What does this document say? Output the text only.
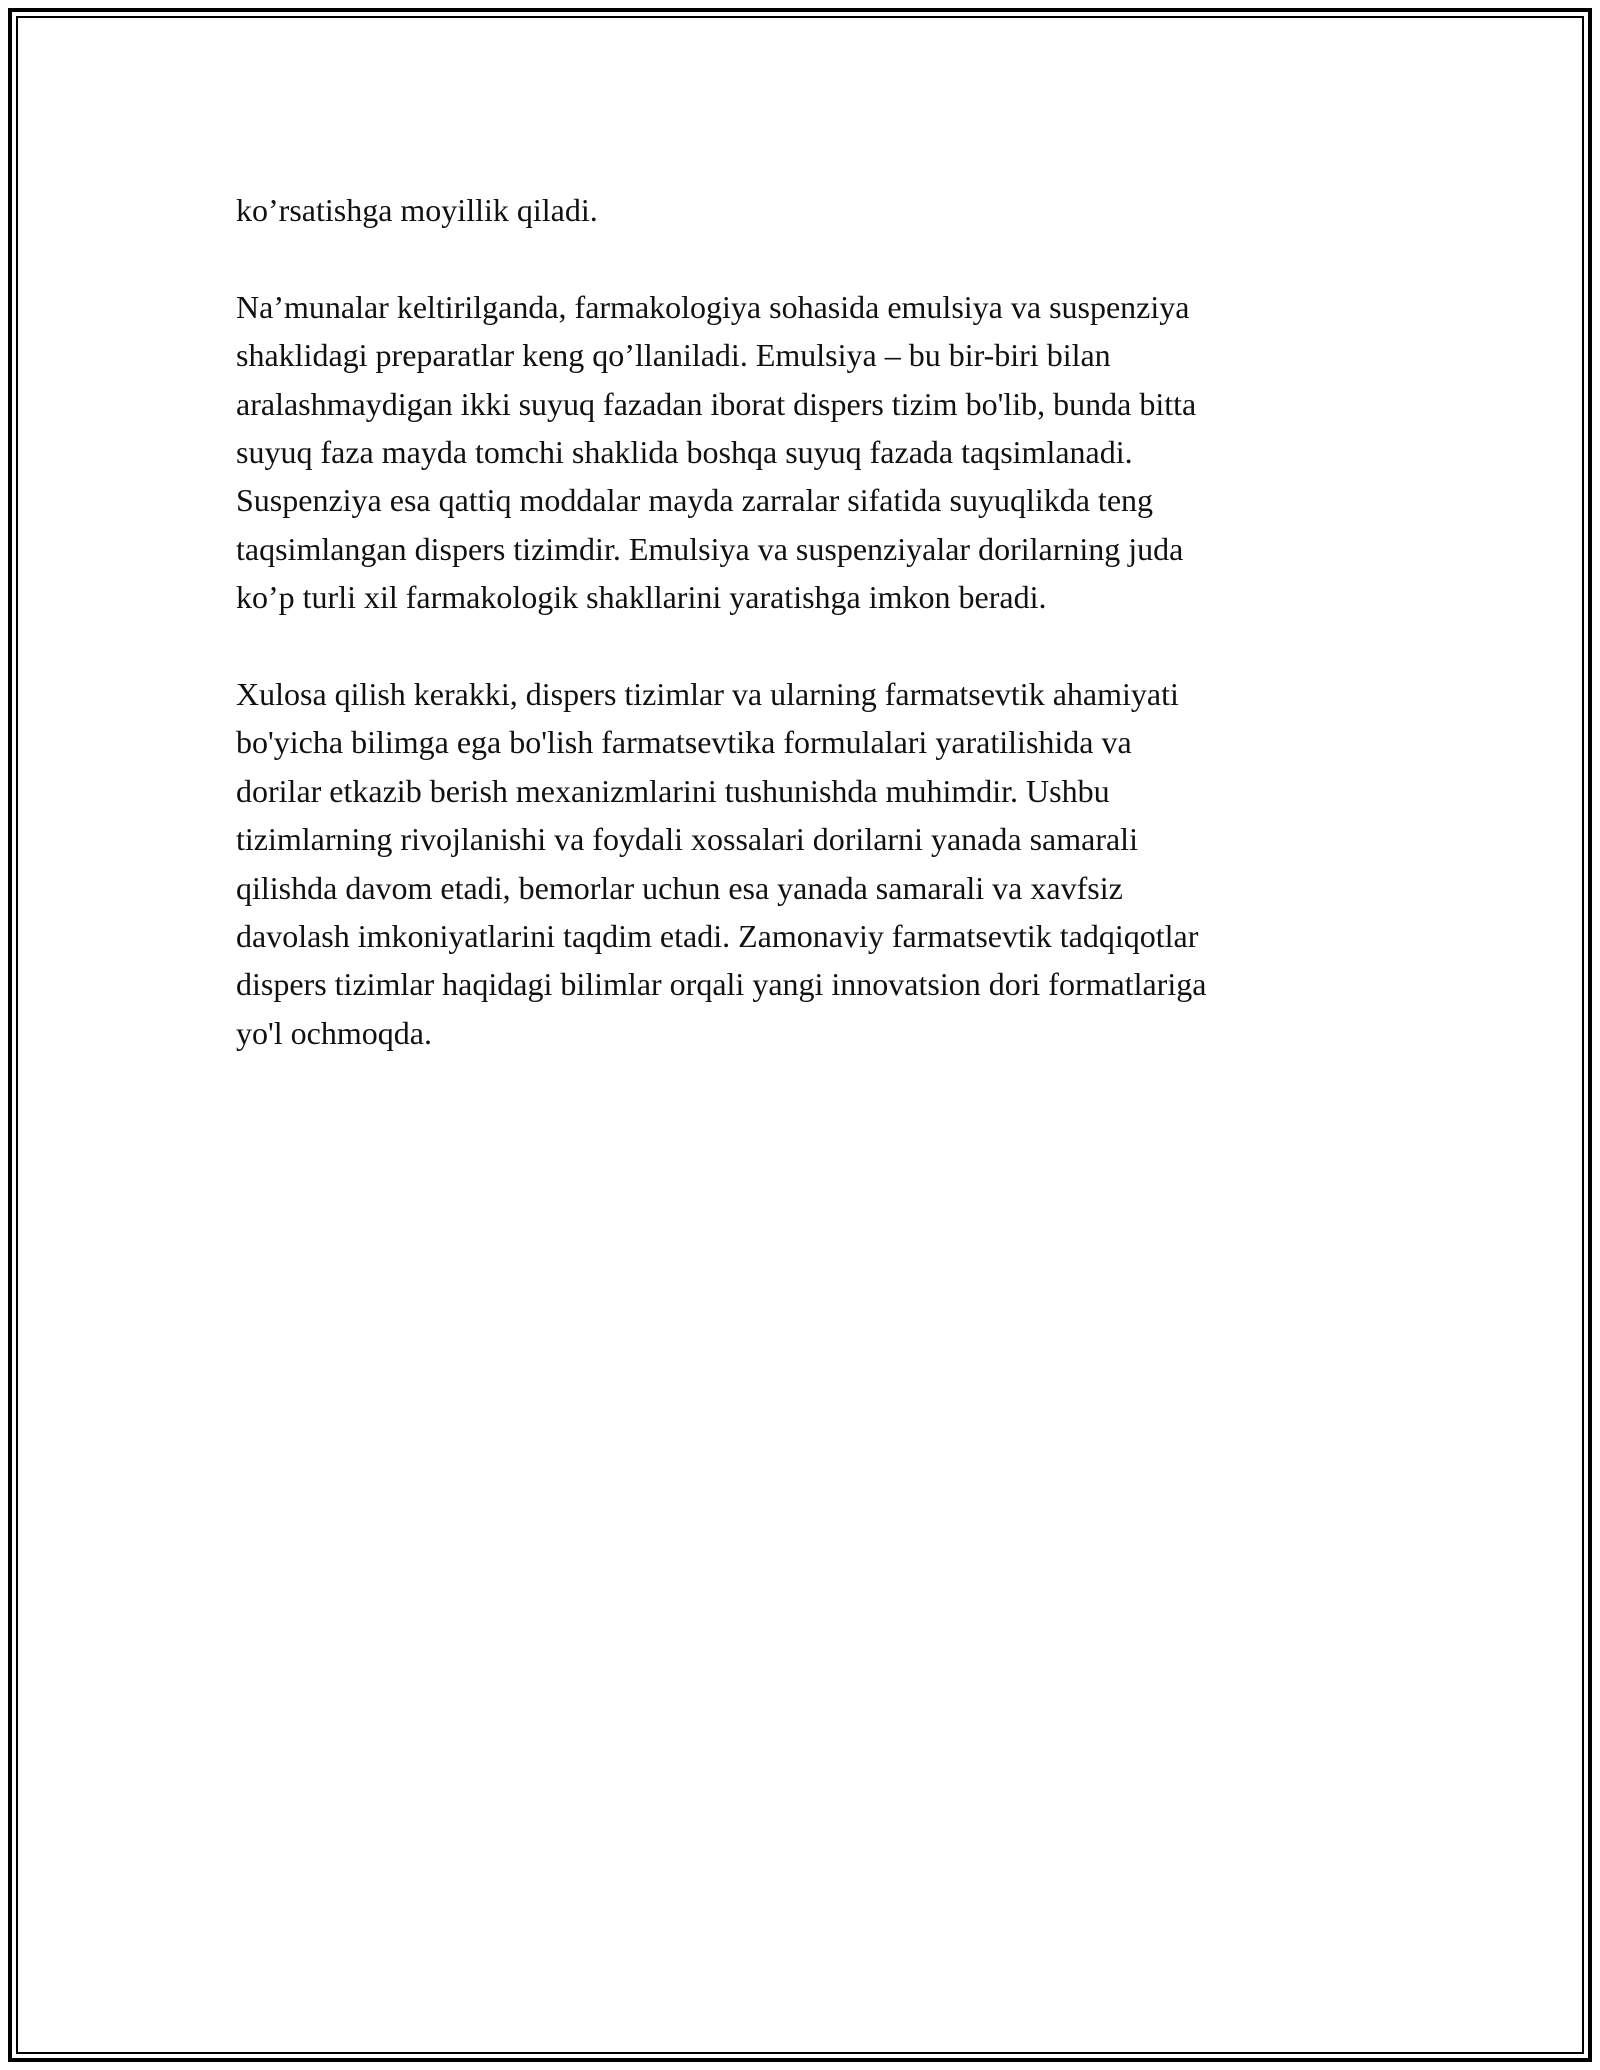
ko’rsatishga moyillik qiladi.

Na’munalar keltirilganda, farmakologiya sohasida emulsiya va suspenziya
shaklidagi preparatlar keng qo’llaniladi. Emulsiya – bu bir-biri bilan
aralashmaydigan ikki suyuq fazadan iborat dispers tizim bo'lib, bunda bitta
suyuq faza mayda tomchi shaklida boshqa suyuq fazada taqsimlanadi.
Suspenziya esa qattiq moddalar mayda zarralar sifatida suyuqlikda teng
taqsimlangan dispers tizimdir. Emulsiya va suspenziyalar dorilarning juda
ko’p turli xil farmakologik shakllarini yaratishga imkon beradi.

Xulosa qilish kerakki, dispers tizimlar va ularning farmatsevtik ahamiyati
bo'yicha bilimga ega bo'lish farmatsevtika formulalari yaratilishida va
dorilar etkazib berish mexanizmlarini tushunishda muhimdir. Ushbu
tizimlarning rivojlanishi va foydali xossalari dorilarni yanada samarali
qilishda davom etadi, bemorlar uchun esa yanada samarali va xavfsiz
davolash imkoniyatlarini taqdim etadi. Zamonaviy farmatsevtik tadqiqotlar
dispers tizimlar haqidagi bilimlar orqali yangi innovatsion dori formatlariga
yo'l ochmoqda.
